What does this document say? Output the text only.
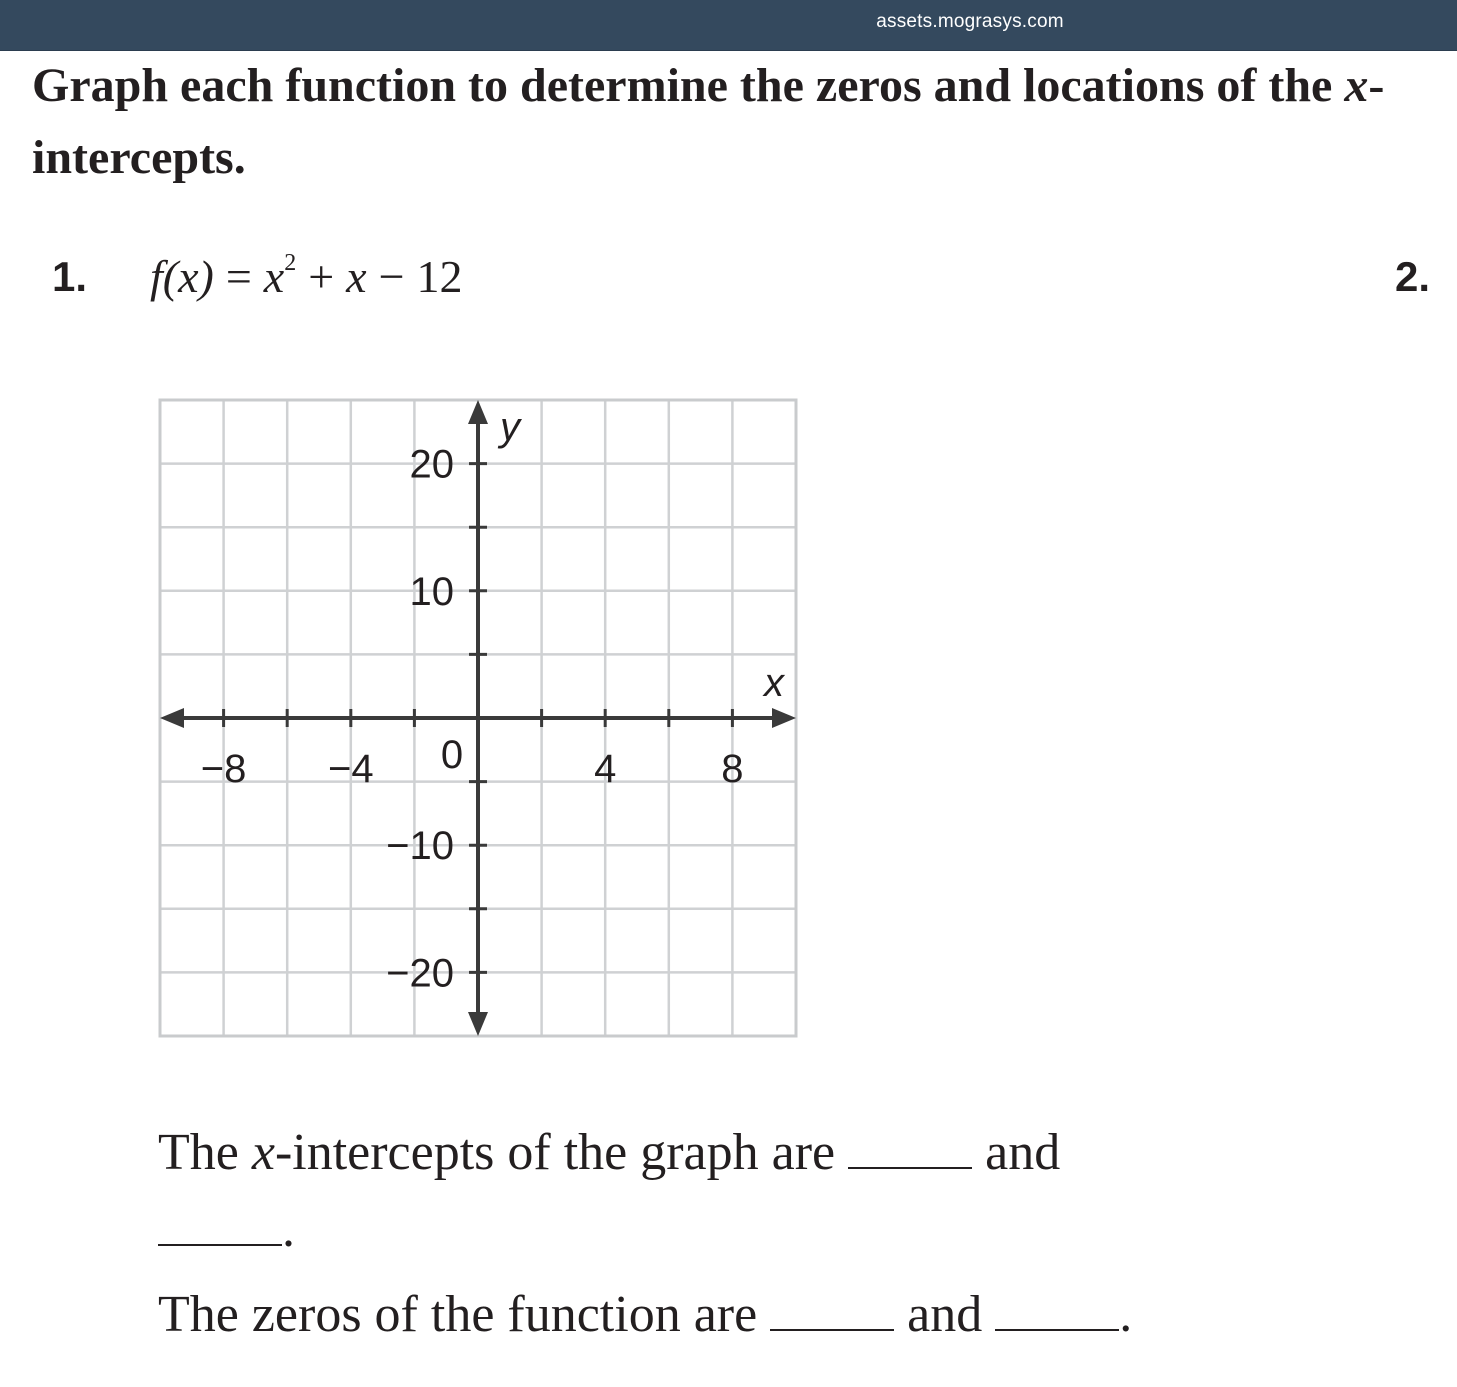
assets.mograsys.com

Graph each function to determine the zeros and locations of the x-intercepts.

1.	2.
$f(x) = x^2 + x - 12$
−8 −4	4	8
20
10
−10
−20
0
x
y
The x-intercepts of the graph are	and
.
The zeros of the function are	and	.
